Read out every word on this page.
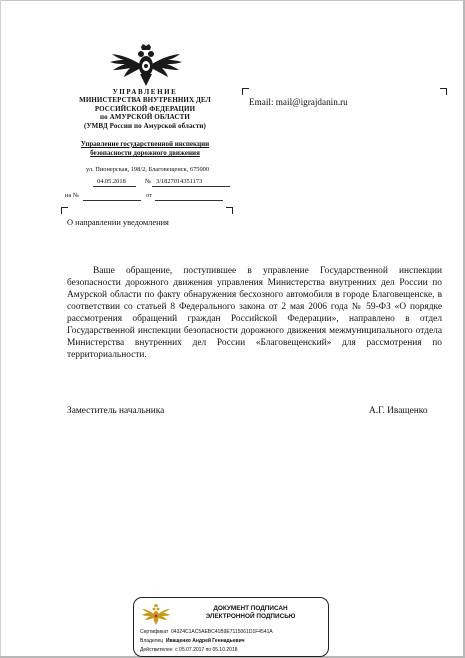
УПРАВЛЕНИЕ
МИНИСТЕРСТВА ВНУТРЕННИХ ДЕЛ
РОССИЙСКОЙ ФЕДЕРАЦИИ
по АМУРСКОЙ ОБЛАСТИ
(УМВД России по Амурской области)
Управление государственной инспекции
безопасности дорожного движения
ул. Пионерская, 198/2, Благовещенск, 675000
04.05.2018	№ 3/1827014351173
на №	от
Email: mail@igrajdanin.ru
О направлении уведомления
Ваше обращение, поступившее в управление Государственной инспекции безопасности дорожного движения управления Министерства внутренних дел России по Амурской области по факту обнаружения бесхозного автомобиля в городе Благовещенске, в соответствии со статьей 8 Федерального закона от 2 мая 2006 года № 59-ФЗ «О порядке рассмотрения обращений граждан Российской Федерации», направлено в отдел Государственной инспекции безопасности дорожного движения межмуниципального отдела Министерства внутренних дел России «Благовещенский» для рассмотрения по территориальности.
Заместитель начальника	А.Г. Иващенко
ДОКУМЕНТ ПОДПИСАН
ЭЛЕКТРОННОЙ ПОДПИСЬЮ
Сертификат 04324C1AC5AEBC41B9E7115061D1F4541A
Владелец Иващенко Андрей Геннадьевич
Действителен с 05.07.2017 по 05.10.2018
